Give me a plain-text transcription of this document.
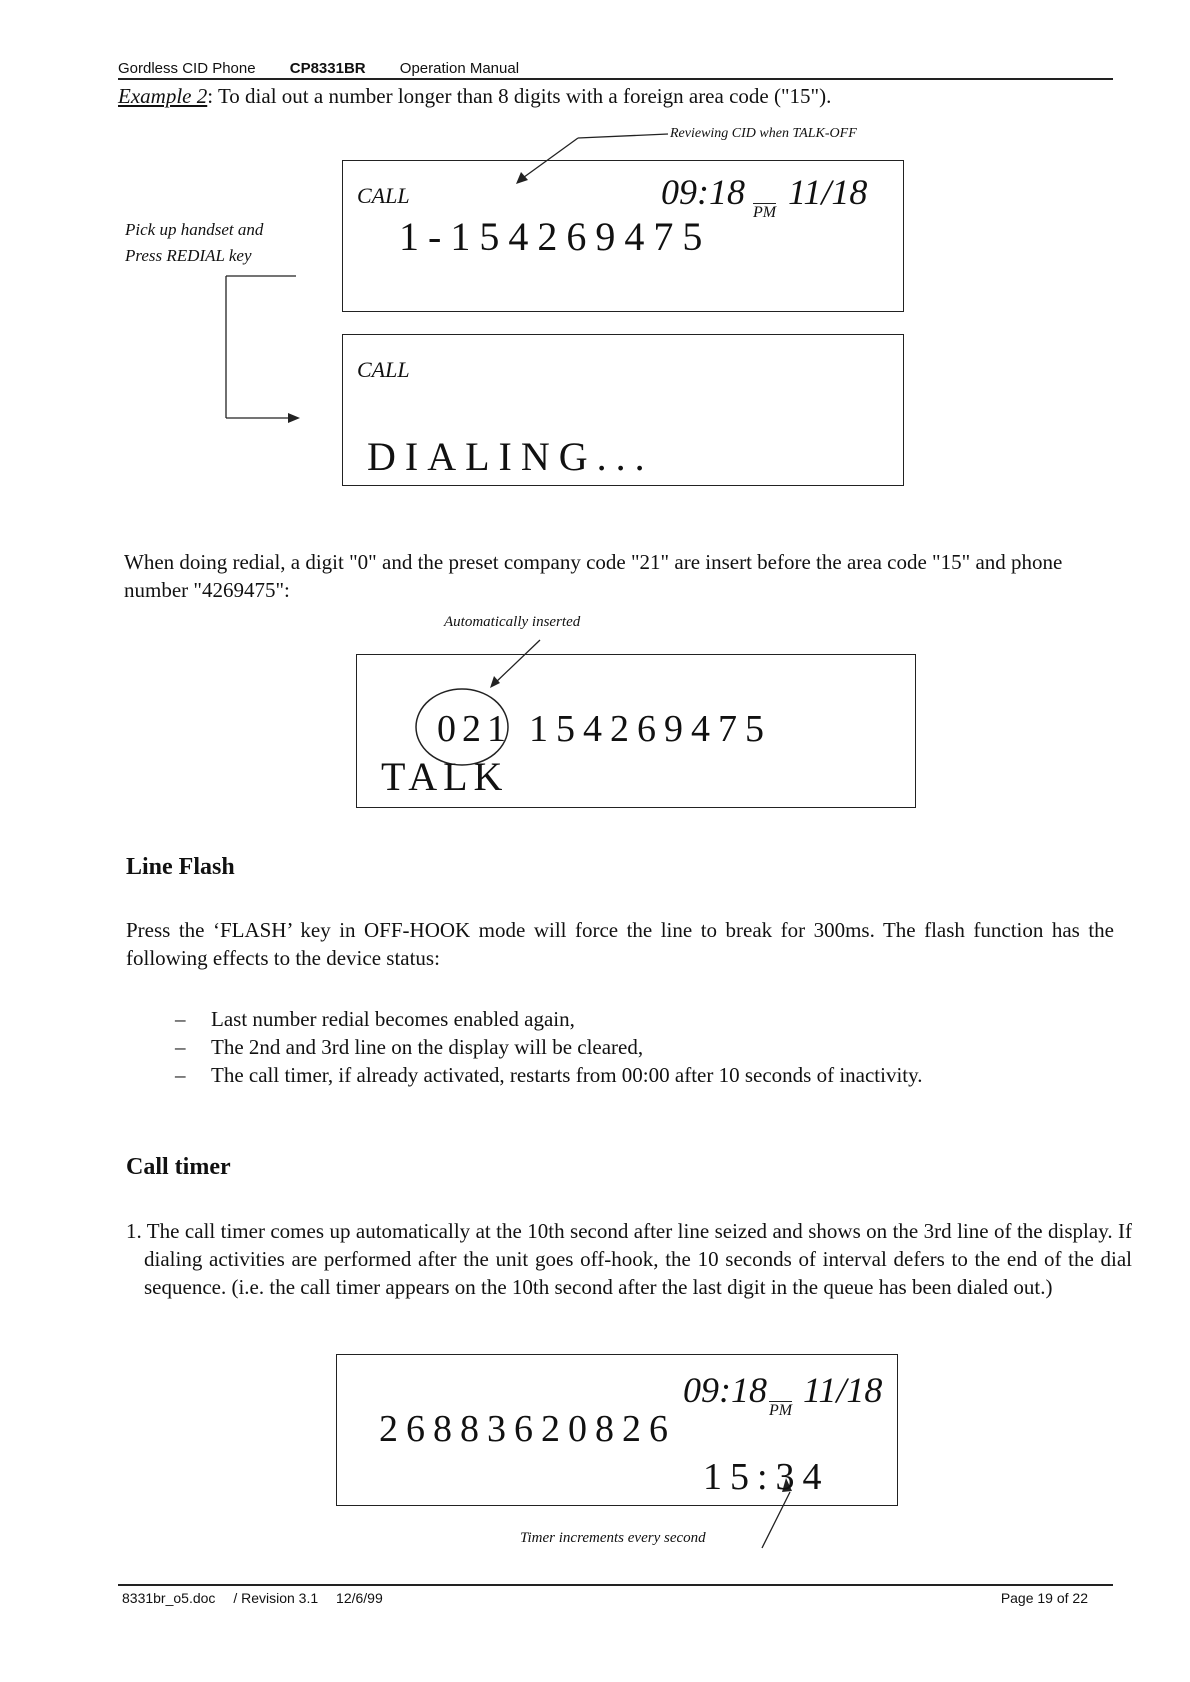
Gordless CID Phone CP8331BR Operation Manual
Example 2: To dial out a number longer than 8 digits with a foreign area code ("15").
Reviewing CID when TALK-OFF
Pick up handset and
Press REDIAL key
CALL	09:18
PM
11/18
1-154269475
CALL
DIALING...
When doing redial, a digit "0" and the preset company code "21" are insert before the area code "15" and phone number "4269475":
Automatically inserted
021 154269475
TALK
Line Flash
Press the ‘FLASH’ key in OFF-HOOK mode will force the line to break for 300ms. The flash function has the following effects to the device status:
– Last number redial becomes enabled again,
– The 2nd and 3rd line on the display will be cleared,
– The call timer, if already activated, restarts from 00:00 after 10 seconds of inactivity.
Call timer
1. The call timer comes up automatically at the 10th second after line seized and shows on the 3rd line of the display. If dialing activities are performed after the unit goes off-hook, the 10 seconds of interval defers to the end of the dial sequence. (i.e. the call timer appears on the 10th second after the last digit in the queue has been dialed out.)
09:18
PM
11/18
26883620826
15:34
Timer increments every second
8331br_o5.doc / Revision 3.1 12/6/99	Page 19 of 22
